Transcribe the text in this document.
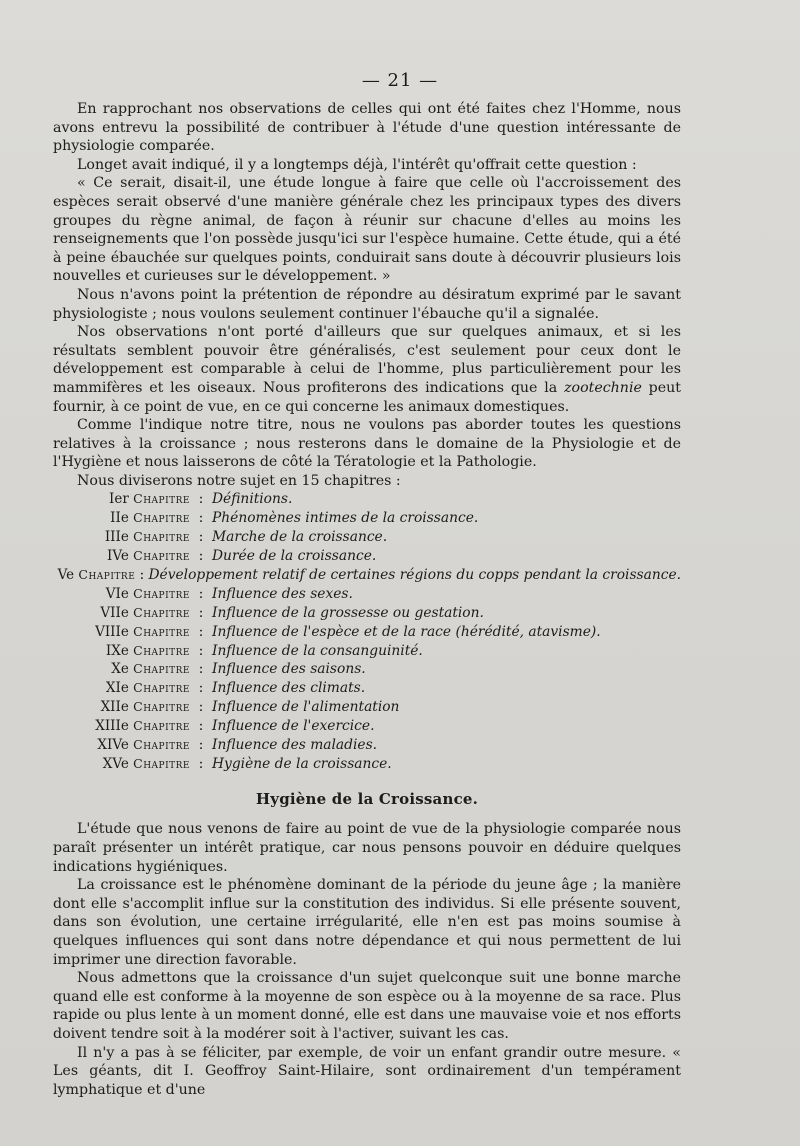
— 21 —

En rapprochant nos observations de celles qui ont été faites chez l'Homme, nous avons entrevu la possibilité de contribuer à l'étude d'une question intéressante de physiologie comparée.

Longet avait indiqué, il y a longtemps déjà, l'intérêt qu'offrait cette question :

« Ce serait, disait-il, une étude longue à faire que celle où l'accroissement des espèces serait observé d'une manière générale chez les principaux types des divers groupes du règne animal, de façon à réunir sur chacune d'elles au moins les renseignements que l'on possède jusqu'ici sur l'espèce humaine. Cette étude, qui a été à peine ébauchée sur quelques points, conduirait sans doute à découvrir plusieurs lois nouvelles et curieuses sur le développement. »

Nous n'avons point la prétention de répondre au désiratum exprimé par le savant physiologiste ; nous voulons seulement continuer l'ébauche qu'il a signalée.

Nos observations n'ont porté d'ailleurs que sur quelques animaux, et si les résultats semblent pouvoir être généralisés, c'est seulement pour ceux dont le développement est comparable à celui de l'homme, plus particulièrement pour les mammifères et les oiseaux. Nous profiterons des indications que la zootechnie peut fournir, à ce point de vue, en ce qui concerne les animaux domestiques.

Comme l'indique notre titre, nous ne voulons pas aborder toutes les questions relatives à la croissance ; nous resterons dans le domaine de la Physiologie et de l'Hygiène et nous laisserons de côté la Tératologie et la Pathologie.

Nous diviserons notre sujet en 15 chapitres :

Ier Chapitre : Définitions.
IIe Chapitre : Phénomènes intimes de la croissance.
IIIe Chapitre : Marche de la croissance.
IVe Chapitre : Durée de la croissance.
Ve Chapitre : Développement relatif de certaines régions du copps pendant la croissance.
VIe Chapitre : Influence des sexes.
VIIe Chapitre : Influence de la grossesse ou gestation.
VIIIe Chapitre : Influence de l'espèce et de la race (hérédité, atavisme).
IXe Chapitre : Influence de la consanguinité.
Xe Chapitre : Influence des saisons.
XIe Chapitre : Influence des climats.
XIIe Chapitre : Influence de l'alimentation
XIIIe Chapitre : Influence de l'exercice.
XIVe Chapitre : Influence des maladies.
XVe Chapitre : Hygiène de la croissance.
Hygiène de la Croissance.

L'étude que nous venons de faire au point de vue de la physiologie comparée nous paraît présenter un intérêt pratique, car nous pensons pouvoir en déduire quelques indications hygiéniques.

La croissance est le phénomène dominant de la période du jeune âge ; la manière dont elle s'accomplit influe sur la constitution des individus. Si elle présente souvent, dans son évolution, une certaine irrégularité, elle n'en est pas moins soumise à quelques influences qui sont dans notre dépendance et qui nous permettent de lui imprimer une direction favorable.

Nous admettons que la croissance d'un sujet quelconque suit une bonne marche quand elle est conforme à la moyenne de son espèce ou à la moyenne de sa race. Plus rapide ou plus lente à un moment donné, elle est dans une mauvaise voie et nos efforts doivent tendre soit à la modérer soit à l'activer, suivant les cas.

Il n'y a pas à se féliciter, par exemple, de voir un enfant grandir outre mesure. « Les géants, dit I. Geoffroy Saint-Hilaire, sont ordinairement d'un tempérament lymphatique et d'une
